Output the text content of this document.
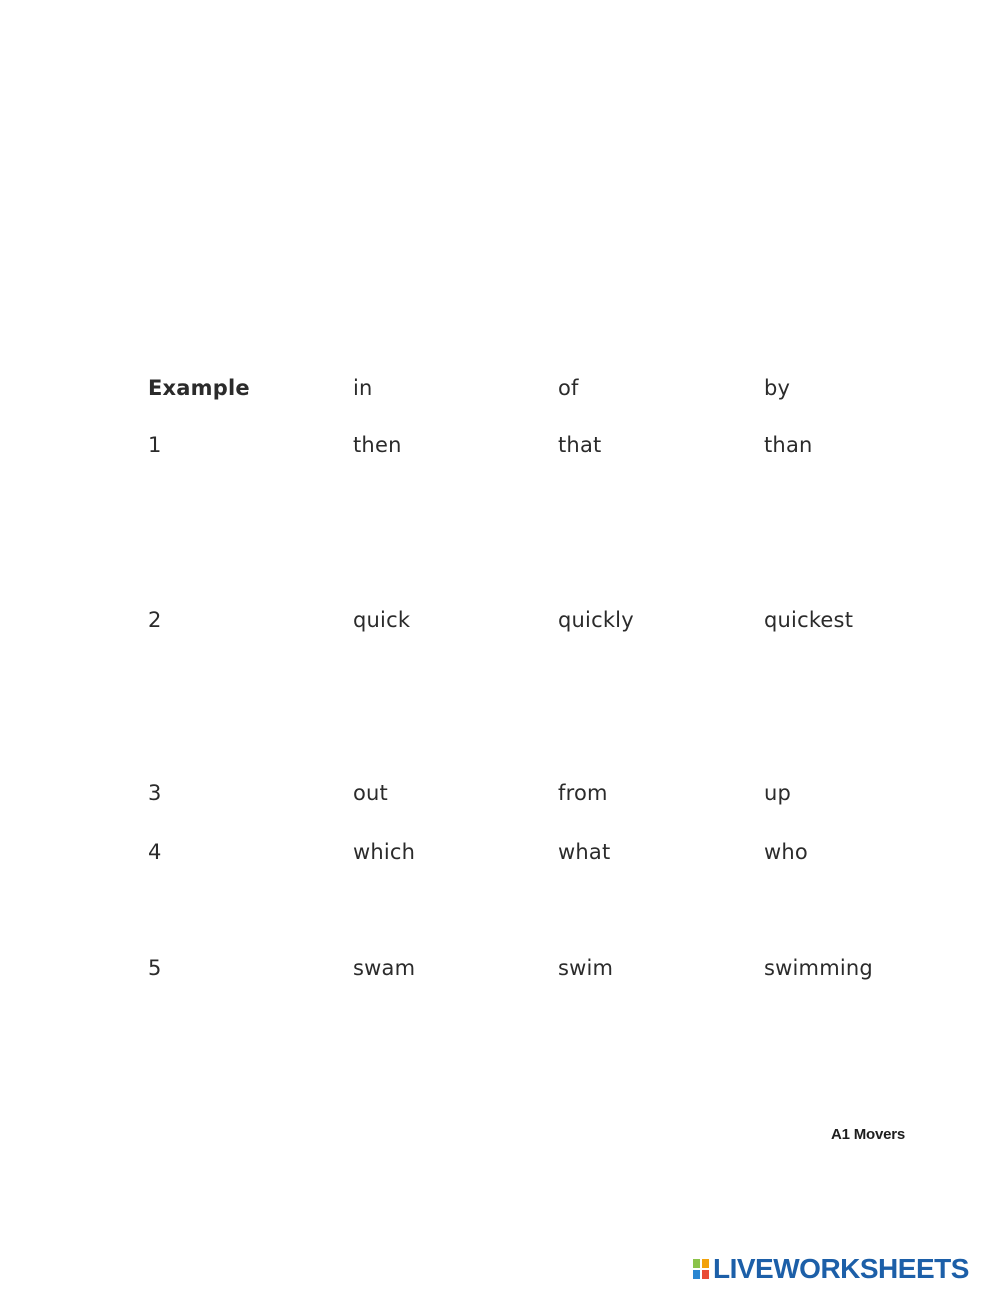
Example	in	of	by
1	then	that	than
2	quick	quickly	quickest
3	out	from	up
4	which	what	who
5	swam	swim	swimming
A1 Movers
LIVEWORKSHEETS
